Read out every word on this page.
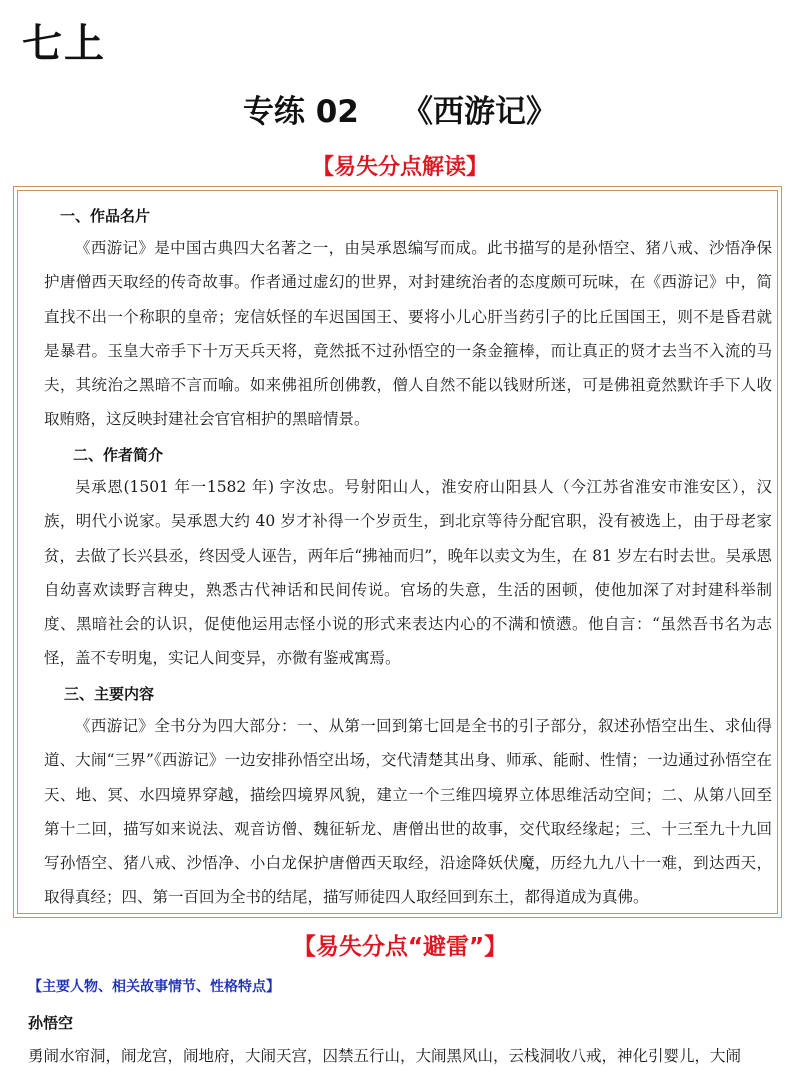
七上
专练 02    《西游记》
【易失分点解读】
一、作品名片

《西游记》是中国古典四大名著之一，由吴承恩编写而成。此书描写的是孙悟空、猪八戒、沙悟净保护唐僧西天取经的传奇故事。作者通过虚幻的世界，对封建统治者的态度颇可玩味，在《西游记》中，简直找不出一个称职的皇帝；宠信妖怪的车迟国国王、要将小儿心肝当药引子的比丘国国王，则不是昏君就是暴君。玉皇大帝手下十万天兵天将，竟然抵不过孙悟空的一条金箍棒，而让真正的贤才去当不入流的马夫，其统治之黑暗不言而喻。如来佛祖所创佛教，僧人自然不能以钱财所迷，可是佛祖竟然默许手下人收取贿赂，这反映封建社会官官相护的黑暗情景。

二、作者简介

吴承恩(1501 年一1582 年) 字汝忠。号射阳山人，淮安府山阳县人（今江苏省淮安市淮安区），汉族，明代小说家。吴承恩大约 40 岁才补得一个岁贡生，到北京等待分配官职，没有被选上，由于母老家贫，去做了长兴县丞，终因受人诬告，两年后“拂袖而归”，晚年以卖文为生，在 81 岁左右时去世。吴承恩自幼喜欢读野言稗史，熟悉古代神话和民间传说。官场的失意，生活的困顿，使他加深了对封建科举制度、黑暗社会的认识，促使他运用志怪小说的形式来表达内心的不满和愤懑。他自言：“虽然吾书名为志怪，盖不专明鬼，实记人间变异，亦微有鉴戒寓焉。

三、主要内容

《西游记》全书分为四大部分：一、从第一回到第七回是全书的引子部分，叙述孙悟空出生、求仙得道、大闹“三界”《西游记》一边安排孙悟空出场，交代清楚其出身、师承、能耐、性情；一边通过孙悟空在天、地、冥、水四境界穿越，描绘四境界风貌，建立一个三维四境界立体思维活动空间；二、从第八回至第十二回，描写如来说法、观音访僧、魏征斩龙、唐僧出世的故事，交代取经缘起；三、十三至九十九回写孙悟空、猪八戒、沙悟净、小白龙保护唐僧西天取经，沿途降妖伏魔，历经九九八十一难，到达西天，取得真经；四、第一百回为全书的结尾，描写师徒四人取经回到东土，都得道成为真佛。

【易失分点“避雷”】
【主要人物、相关故事情节、性格特点】
孙悟空
勇闹水帘洞，闹龙宫，闹地府，大闹天宫，囚禁五行山，大闹黑风山，云栈洞收八戒，神化引婴儿，大闹
